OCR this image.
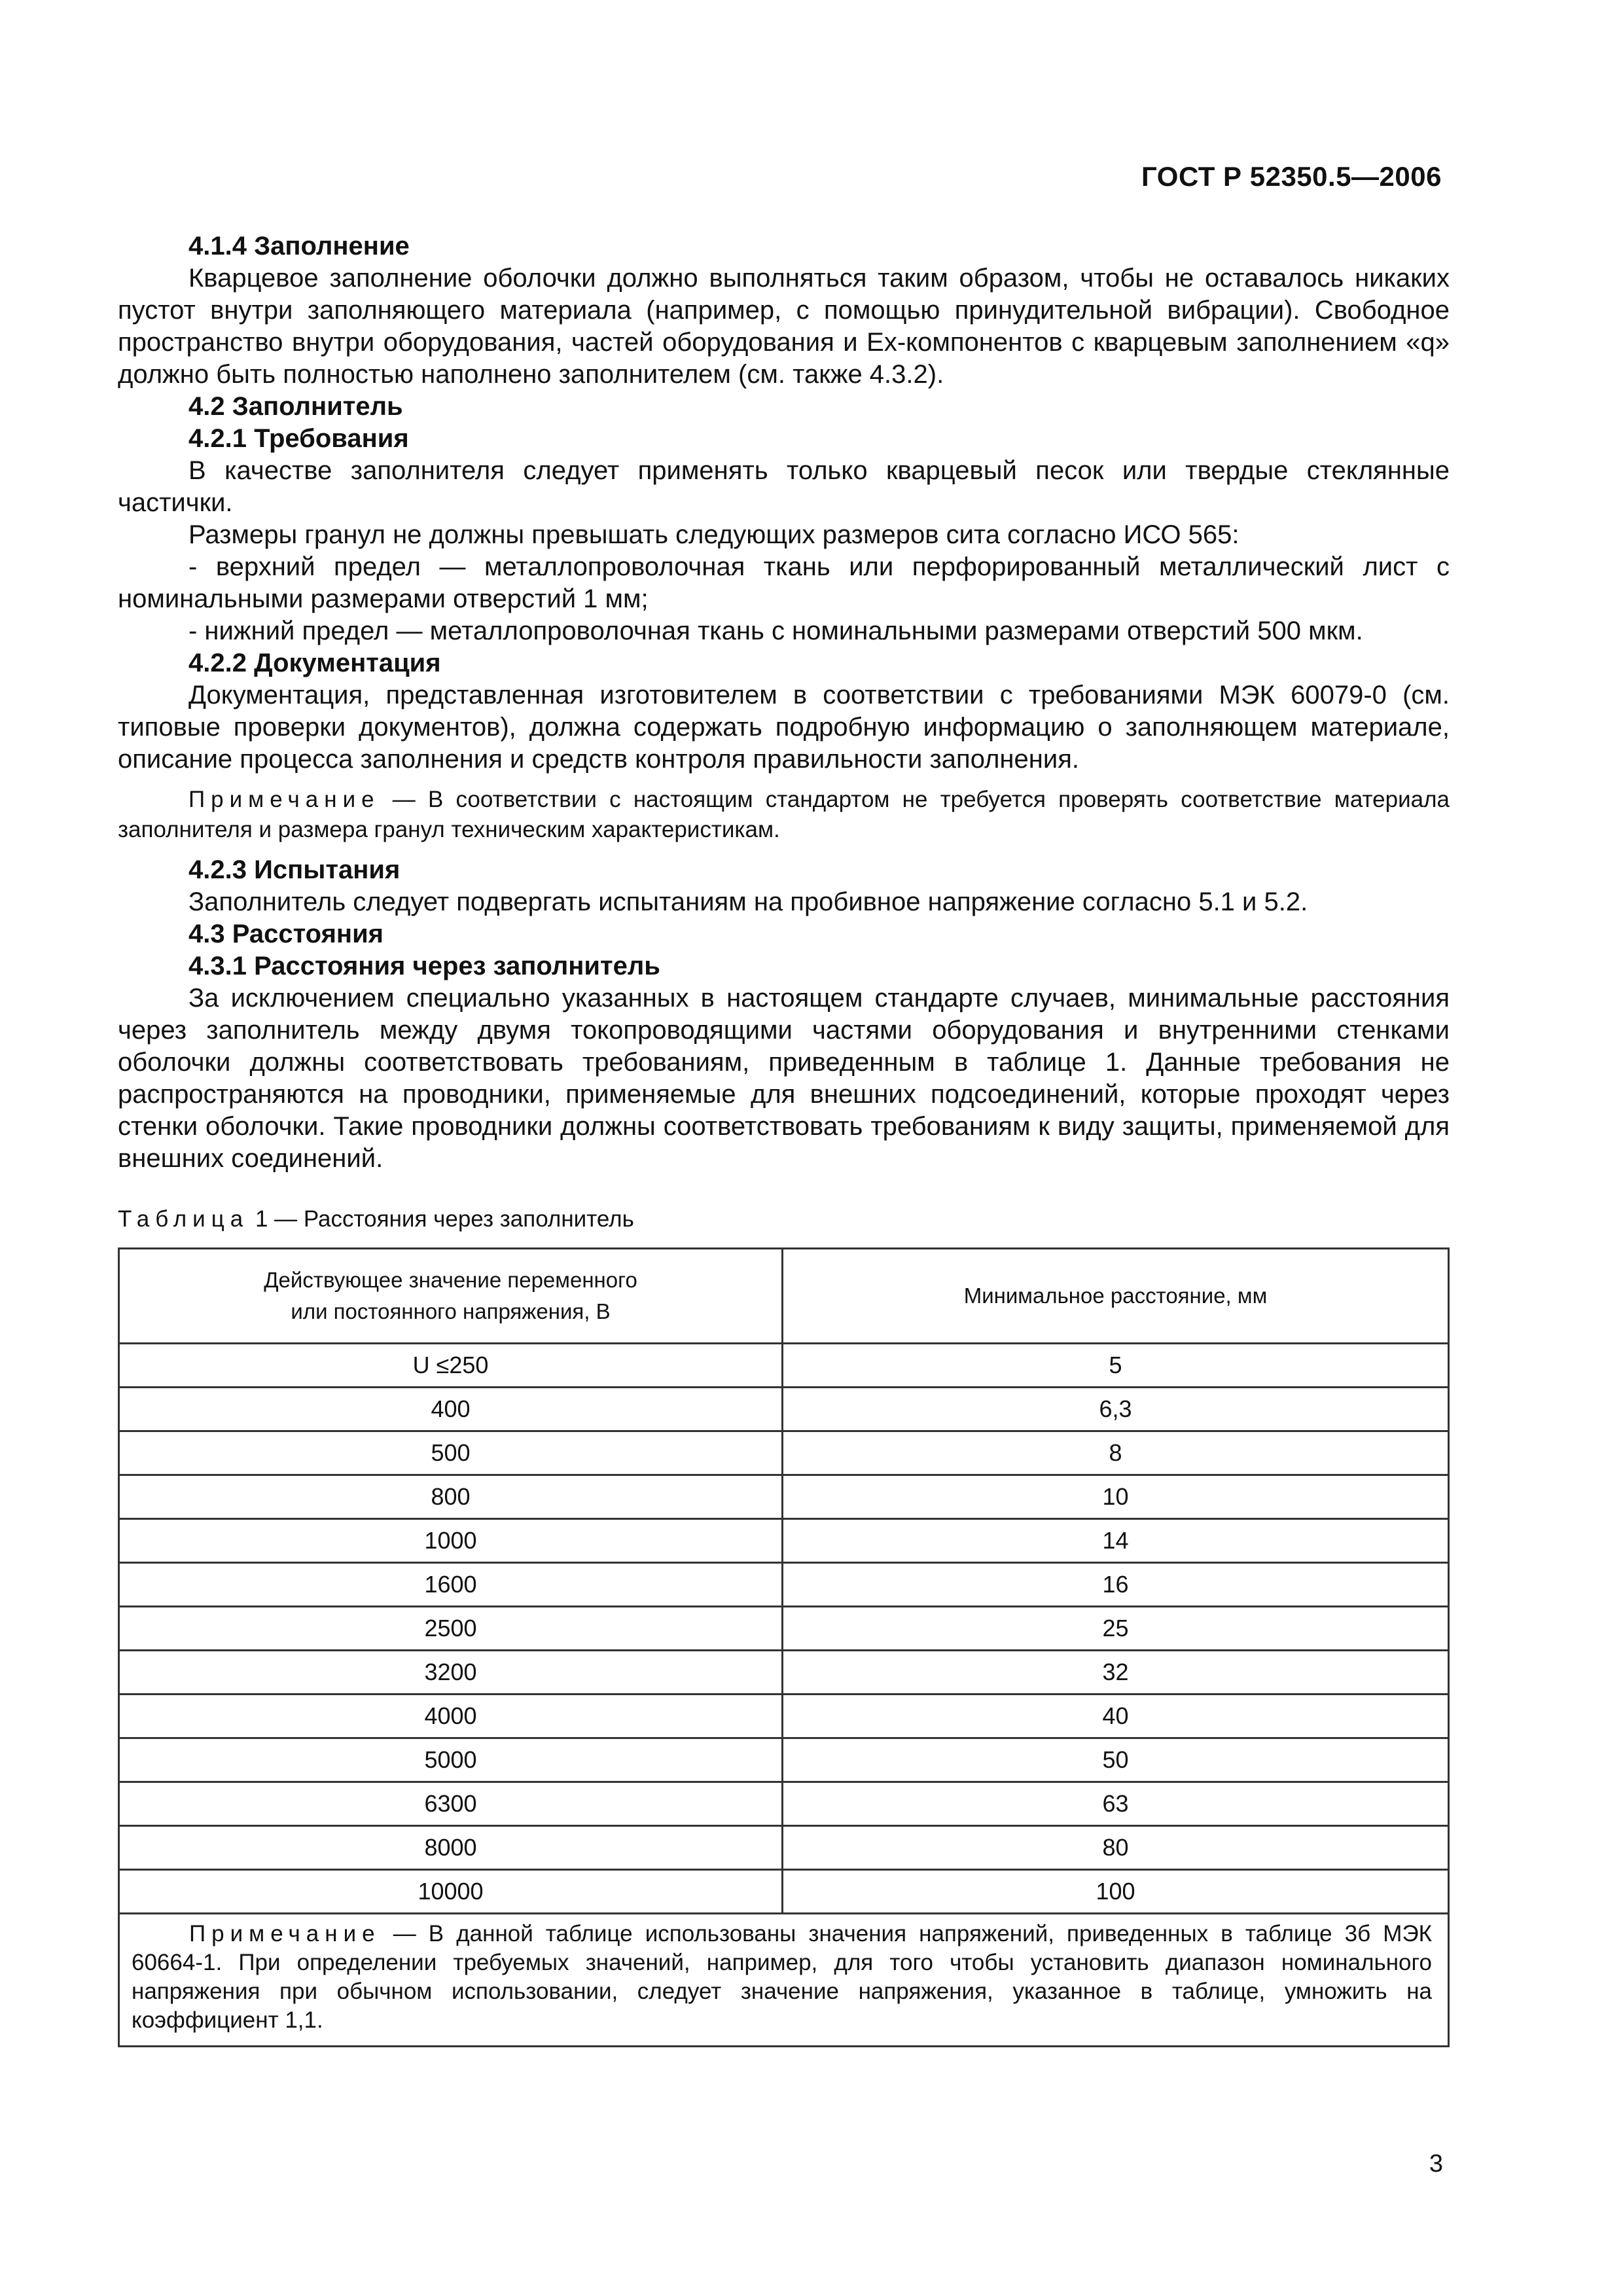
ГОСТ Р 52350.5—2006
4.1.4 Заполнение

Кварцевое заполнение оболочки должно выполняться таким образом, чтобы не оставалось никаких пустот внутри заполняющего материала (например, с помощью принудительной вибрации). Свободное пространство внутри оборудования, частей оборудования и Ex-компонентов с кварцевым заполнением «q» должно быть полностью наполнено заполнителем (см. также 4.3.2).

4.2 Заполнитель
4.2.1 Требования

В качестве заполнителя следует применять только кварцевый песок или твердые стеклянные частички.

Размеры гранул не должны превышать следующих размеров сита согласно ИСО 565:

- верхний предел — металлопроволочная ткань или перфорированный металлический лист с номинальными размерами отверстий 1 мм;

- нижний предел — металлопроволочная ткань с номинальными размерами отверстий 500 мкм.

4.2.2 Документация

Документация, представленная изготовителем в соответствии с требованиями МЭК 60079-0 (см. типовые проверки документов), должна содержать подробную информацию о заполняющем материале, описание процесса заполнения и средств контроля правильности заполнения.

Примечание — В соответствии с настоящим стандартом не требуется проверять соответствие материала заполнителя и размера гранул техническим характеристикам.

4.2.3 Испытания

Заполнитель следует подвергать испытаниям на пробивное напряжение согласно 5.1 и 5.2.

4.3 Расстояния
4.3.1 Расстояния через заполнитель

За исключением специально указанных в настоящем стандарте случаев, минимальные расстояния через заполнитель между двумя токопроводящими частями оборудования и внутренними стенками оболочки должны соответствовать требованиям, приведенным в таблице 1. Данные требования не распространяются на проводники, применяемые для внешних подсоединений, которые проходят через стенки оболочки. Такие проводники должны соответствовать требованиям к виду защиты, применяемой для внешних соединений.

Таблица 1 — Расстояния через заполнитель
Действующее значение переменного
или постоянного напряжения, В	Минимальное расстояние, мм
U ≤250	5
400	6,3
500	8
800	10
1000	14
1600	16
2500	25
3200	32
4000	40
5000	50
6300	63
8000	80
10000	100

Примечание — В данной таблице использованы значения напряжений, приведенных в таблице 3б МЭК 60664-1. При определении требуемых значений, например, для того чтобы установить диапазон номинального напряжения при обычном использовании, следует значение напряжения, указанное в таблице, умножить на коэффициент 1,1.	

3
